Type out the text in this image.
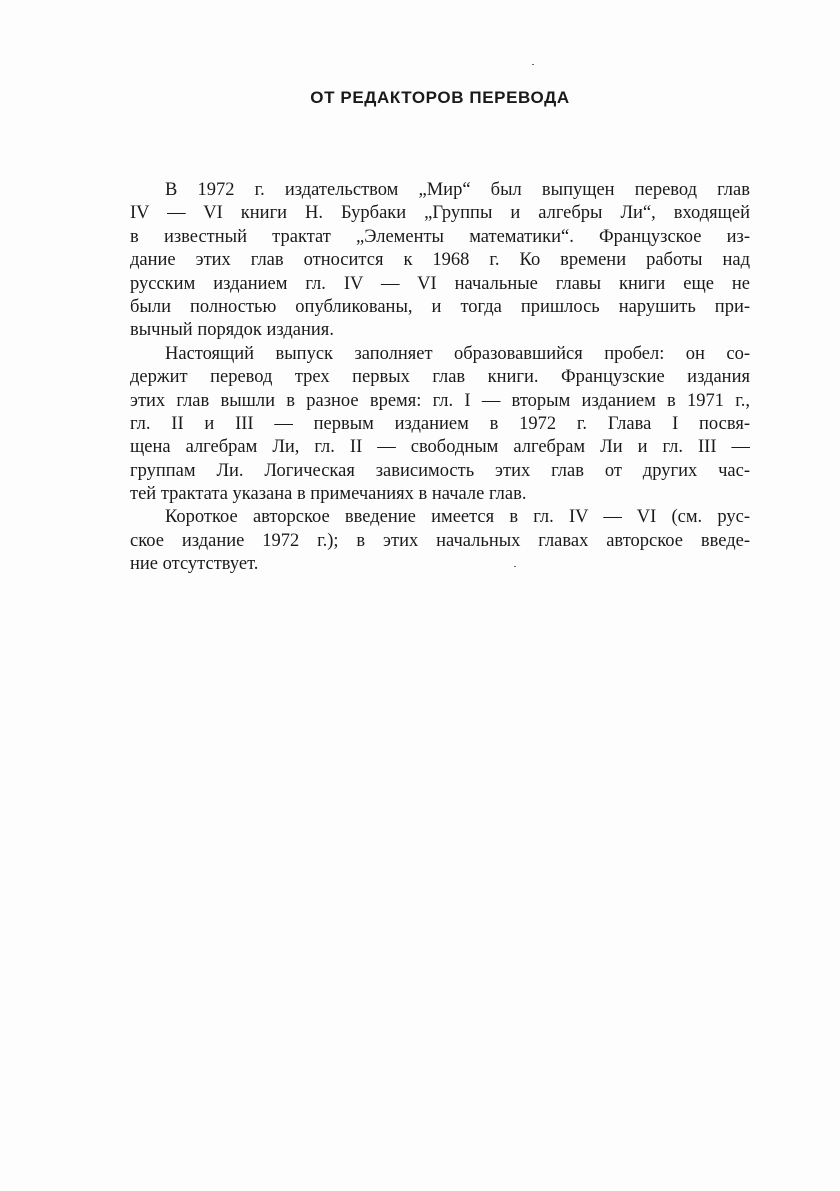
ОТ РЕДАКТОРОВ ПЕРЕВОДА
В 1972 г. издательством „Мир“ был выпущен перевод глав
IV — VI книги Н. Бурбаки „Группы и алгебры Ли“, входящей
в известный трактат „Элементы математики“. Французское из-
дание этих глав относится к 1968 г. Ко времени работы над
русским изданием гл. IV — VI начальные главы книги еще не
были полностью опубликованы, и тогда пришлось нарушить при-
вычный порядок издания.
Настоящий выпуск заполняет образовавшийся пробел: он со-
держит перевод трех первых глав книги. Французские издания
этих глав вышли в разное время: гл. I — вторым изданием в 1971 г.,
гл. II и III — первым изданием в 1972 г. Глава I посвя-
щена алгебрам Ли, гл. II — свободным алгебрам Ли и гл. III —
группам Ли. Логическая зависимость этих глав от других час-
тей трактата указана в примечаниях в начале глав.
Короткое авторское введение имеется в гл. IV — VI (см. рус-
ское издание 1972 г.); в этих начальных главах авторское введе-
ние отсутствует.
